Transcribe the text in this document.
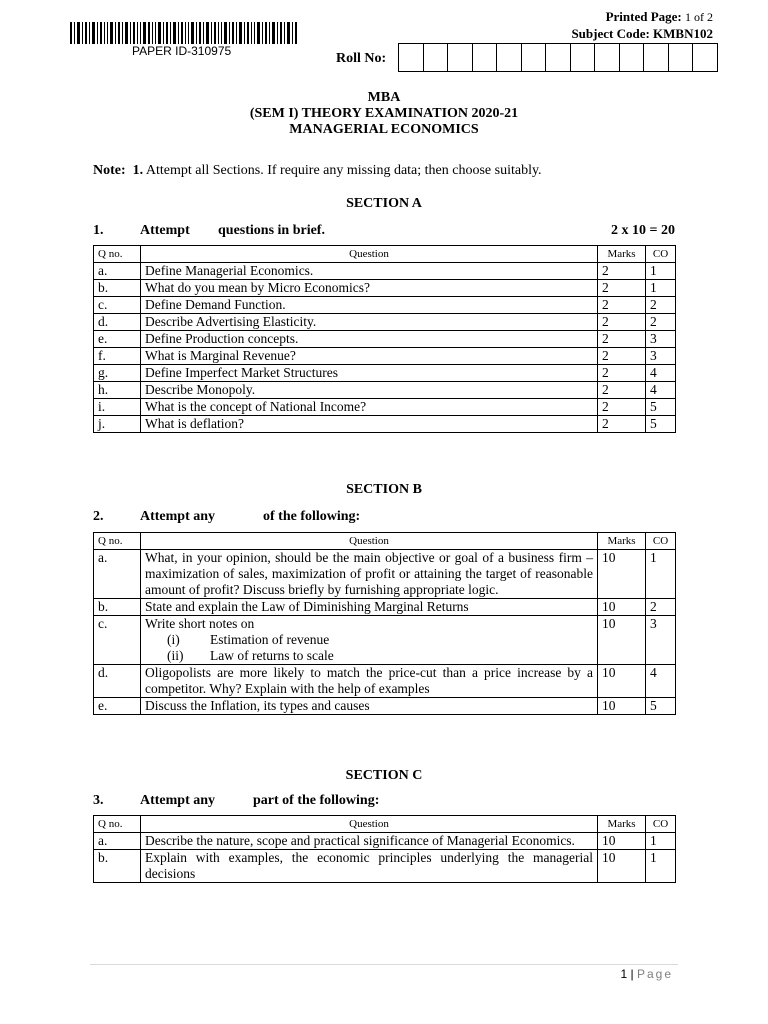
PAPER ID-310975
Printed Page: 1 of 2
Subject Code: KMBN102
Roll No:
MBA
(SEM I) THEORY EXAMINATION 2020-21
MANAGERIAL ECONOMICS
Note: 1. Attempt all Sections. If require any missing data; then choose suitably.
SECTION A
1.	Attempt questions in brief.	2 x 10 = 20
Q no.	Question	Marks	CO
a.	Define Managerial Economics.	2	1
b.	What do you mean by Micro Economics?	2	1
c.	Define Demand Function.	2	2
d.	Describe Advertising Elasticity.	2	2
e.	Define Production concepts.	2	3
f.	What is Marginal Revenue?	2	3
g.	Define Imperfect Market Structures	2	4
h.	Describe Monopoly.	2	4
i.	What is the concept of National Income?	2	5
j.	What is deflation?	2	5
SECTION B
2.	Attempt any	of the following:
Q no.	Question	Marks	CO
a.	What, in your opinion, should be the main objective or goal of a business firm – maximization of sales, maximization of profit or attaining the target of reasonable amount of profit? Discuss briefly by furnishing appropriate logic.	10	1
b.	State and explain the Law of Diminishing Marginal Returns	10	2
c.	Write short notes on
(i) Estimation of revenue
(ii) Law of returns to scale	10	3
d.	Oligopolists are more likely to match the price-cut than a price increase by a competitor. Why? Explain with the help of examples	10	4
e.	Discuss the Inflation, its types and causes	10	5
SECTION C
3.	Attempt any	part of the following:
Q no.	Question	Marks	CO
a.	Describe the nature, scope and practical significance of Managerial Economics.	10	1
b.	Explain with examples, the economic principles underlying the managerial decisions	10	1
1 | Page
